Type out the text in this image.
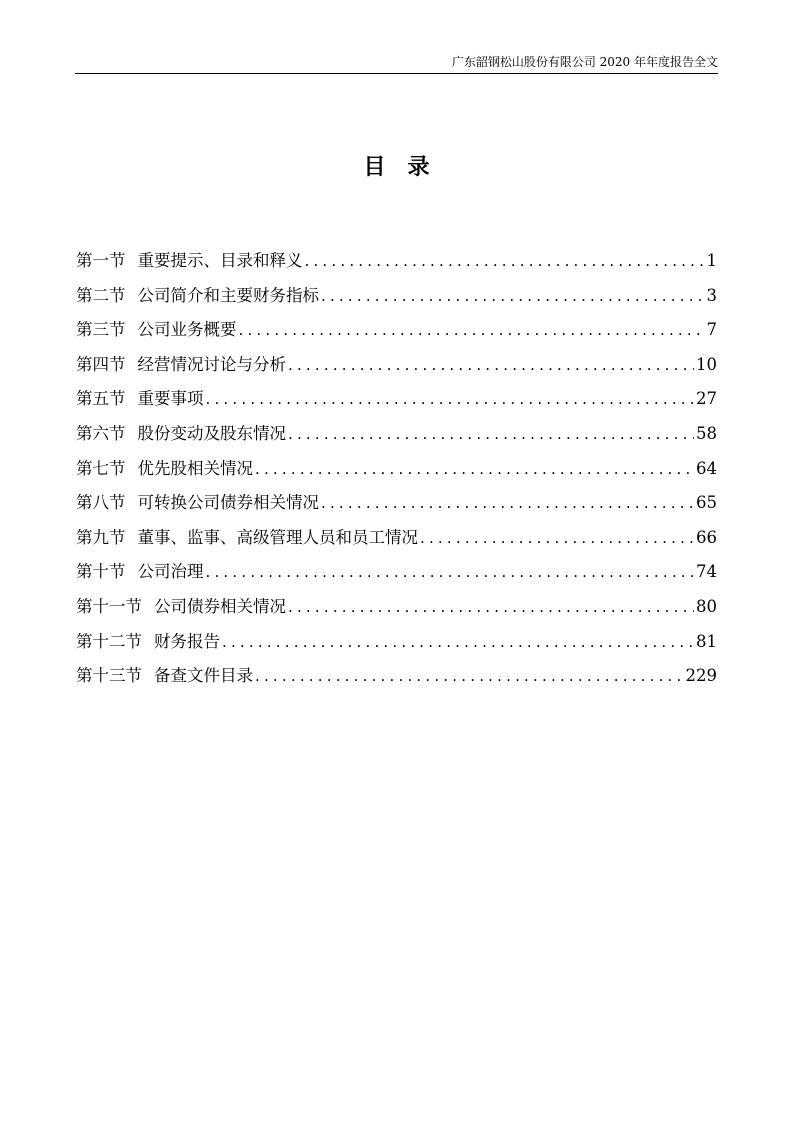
广东韶钢松山股份有限公司 2020 年年度报告全文
目录
第一节 重要提示、目录和释义 .....	1
第二节 公司简介和主要财务指标 .....	3
第三节 公司业务概要 .....	7
第四节 经营情况讨论与分析 .....	10
第五节 重要事项 .....	27
第六节 股份变动及股东情况 .....	58
第七节 优先股相关情况 .....	64
第八节 可转换公司债券相关情况 .....	65
第九节 董事、监事、高级管理人员和员工情况 .....	66
第十节 公司治理 .....	74
第十一节 公司债券相关情况 .....	80
第十二节 财务报告 .....	81
第十三节 备查文件目录 .....	229
